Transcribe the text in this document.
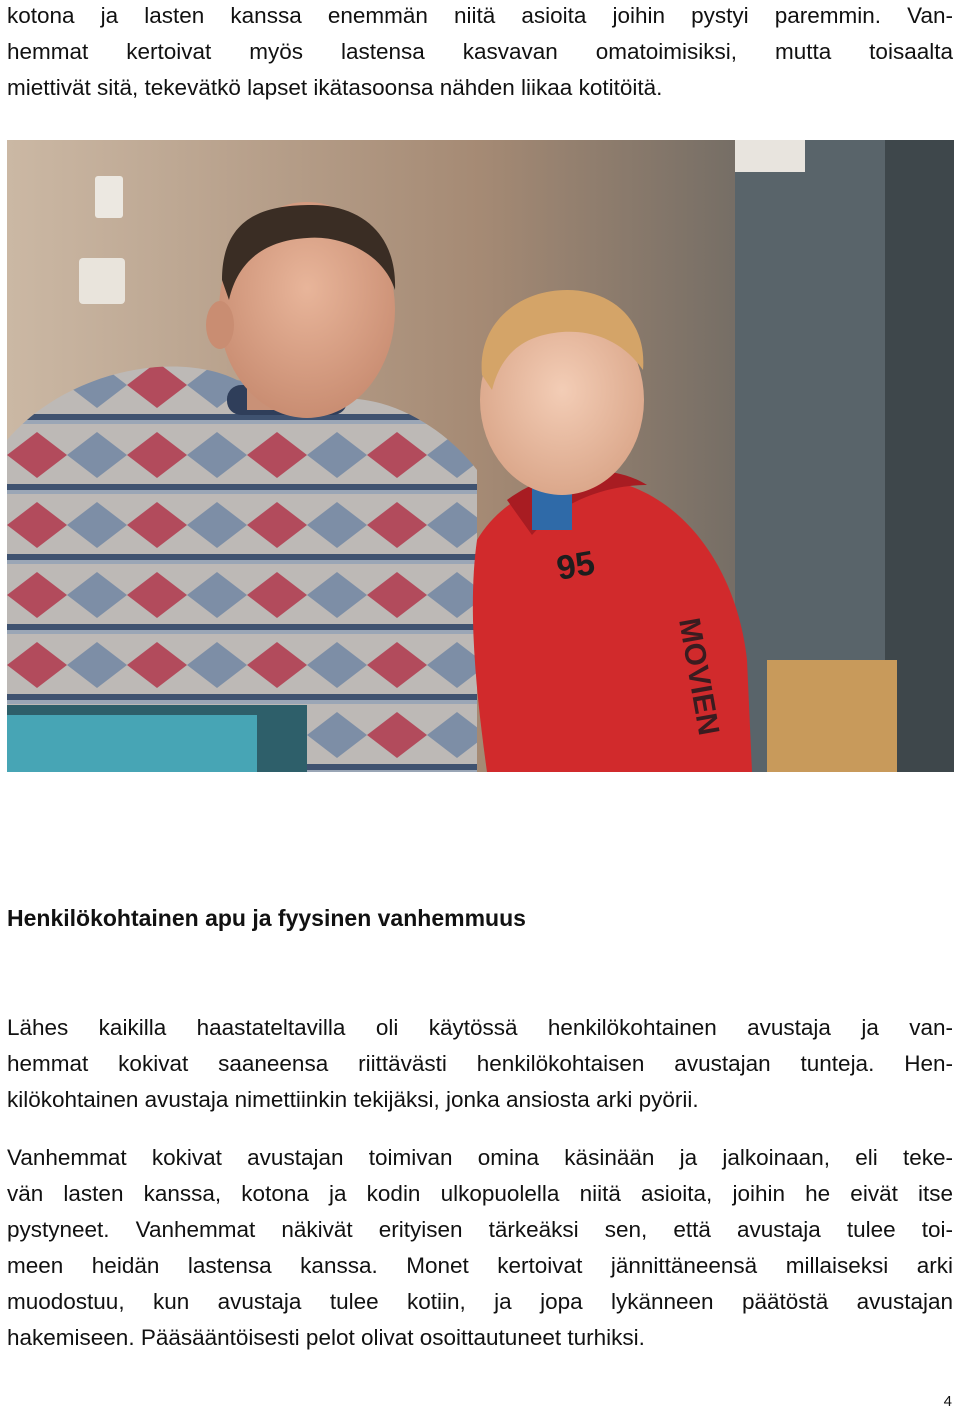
kotona ja lasten kanssa enemmän niitä asioita joihin pystyi paremmin. Van-
hemmat kertoivat myös lastensa kasvavan omatoimisiksi, mutta toisaalta
miettivät sitä, tekevätkö lapset ikätasoonsa nähden liikaa kotitöitä.

95
MOVIEN
Henkilökohtainen apu ja fyysinen vanhemmuus

Lähes kaikilla haastateltavilla oli käytössä henkilökohtainen avustaja ja van-
hemmat kokivat saaneensa riittävästi henkilökohtaisen avustajan tunteja. Hen-
kilökohtainen avustaja nimettiinkin tekijäksi, jonka ansiosta arki pyörii.

Vanhemmat kokivat avustajan toimivan omina käsinään ja jalkoinaan, eli teke-
vän lasten kanssa, kotona ja kodin ulkopuolella niitä asioita, joihin he eivät itse
pystyneet. Vanhemmat näkivät erityisen tärkeäksi sen, että avustaja tulee toi-
meen heidän lastensa kanssa. Monet kertoivat jännittäneensä millaiseksi arki
muodostuu, kun avustaja tulee kotiin, ja jopa lykänneen päätöstä avustajan
hakemiseen. Pääsääntöisesti pelot olivat osoittautuneet turhiksi.

4
